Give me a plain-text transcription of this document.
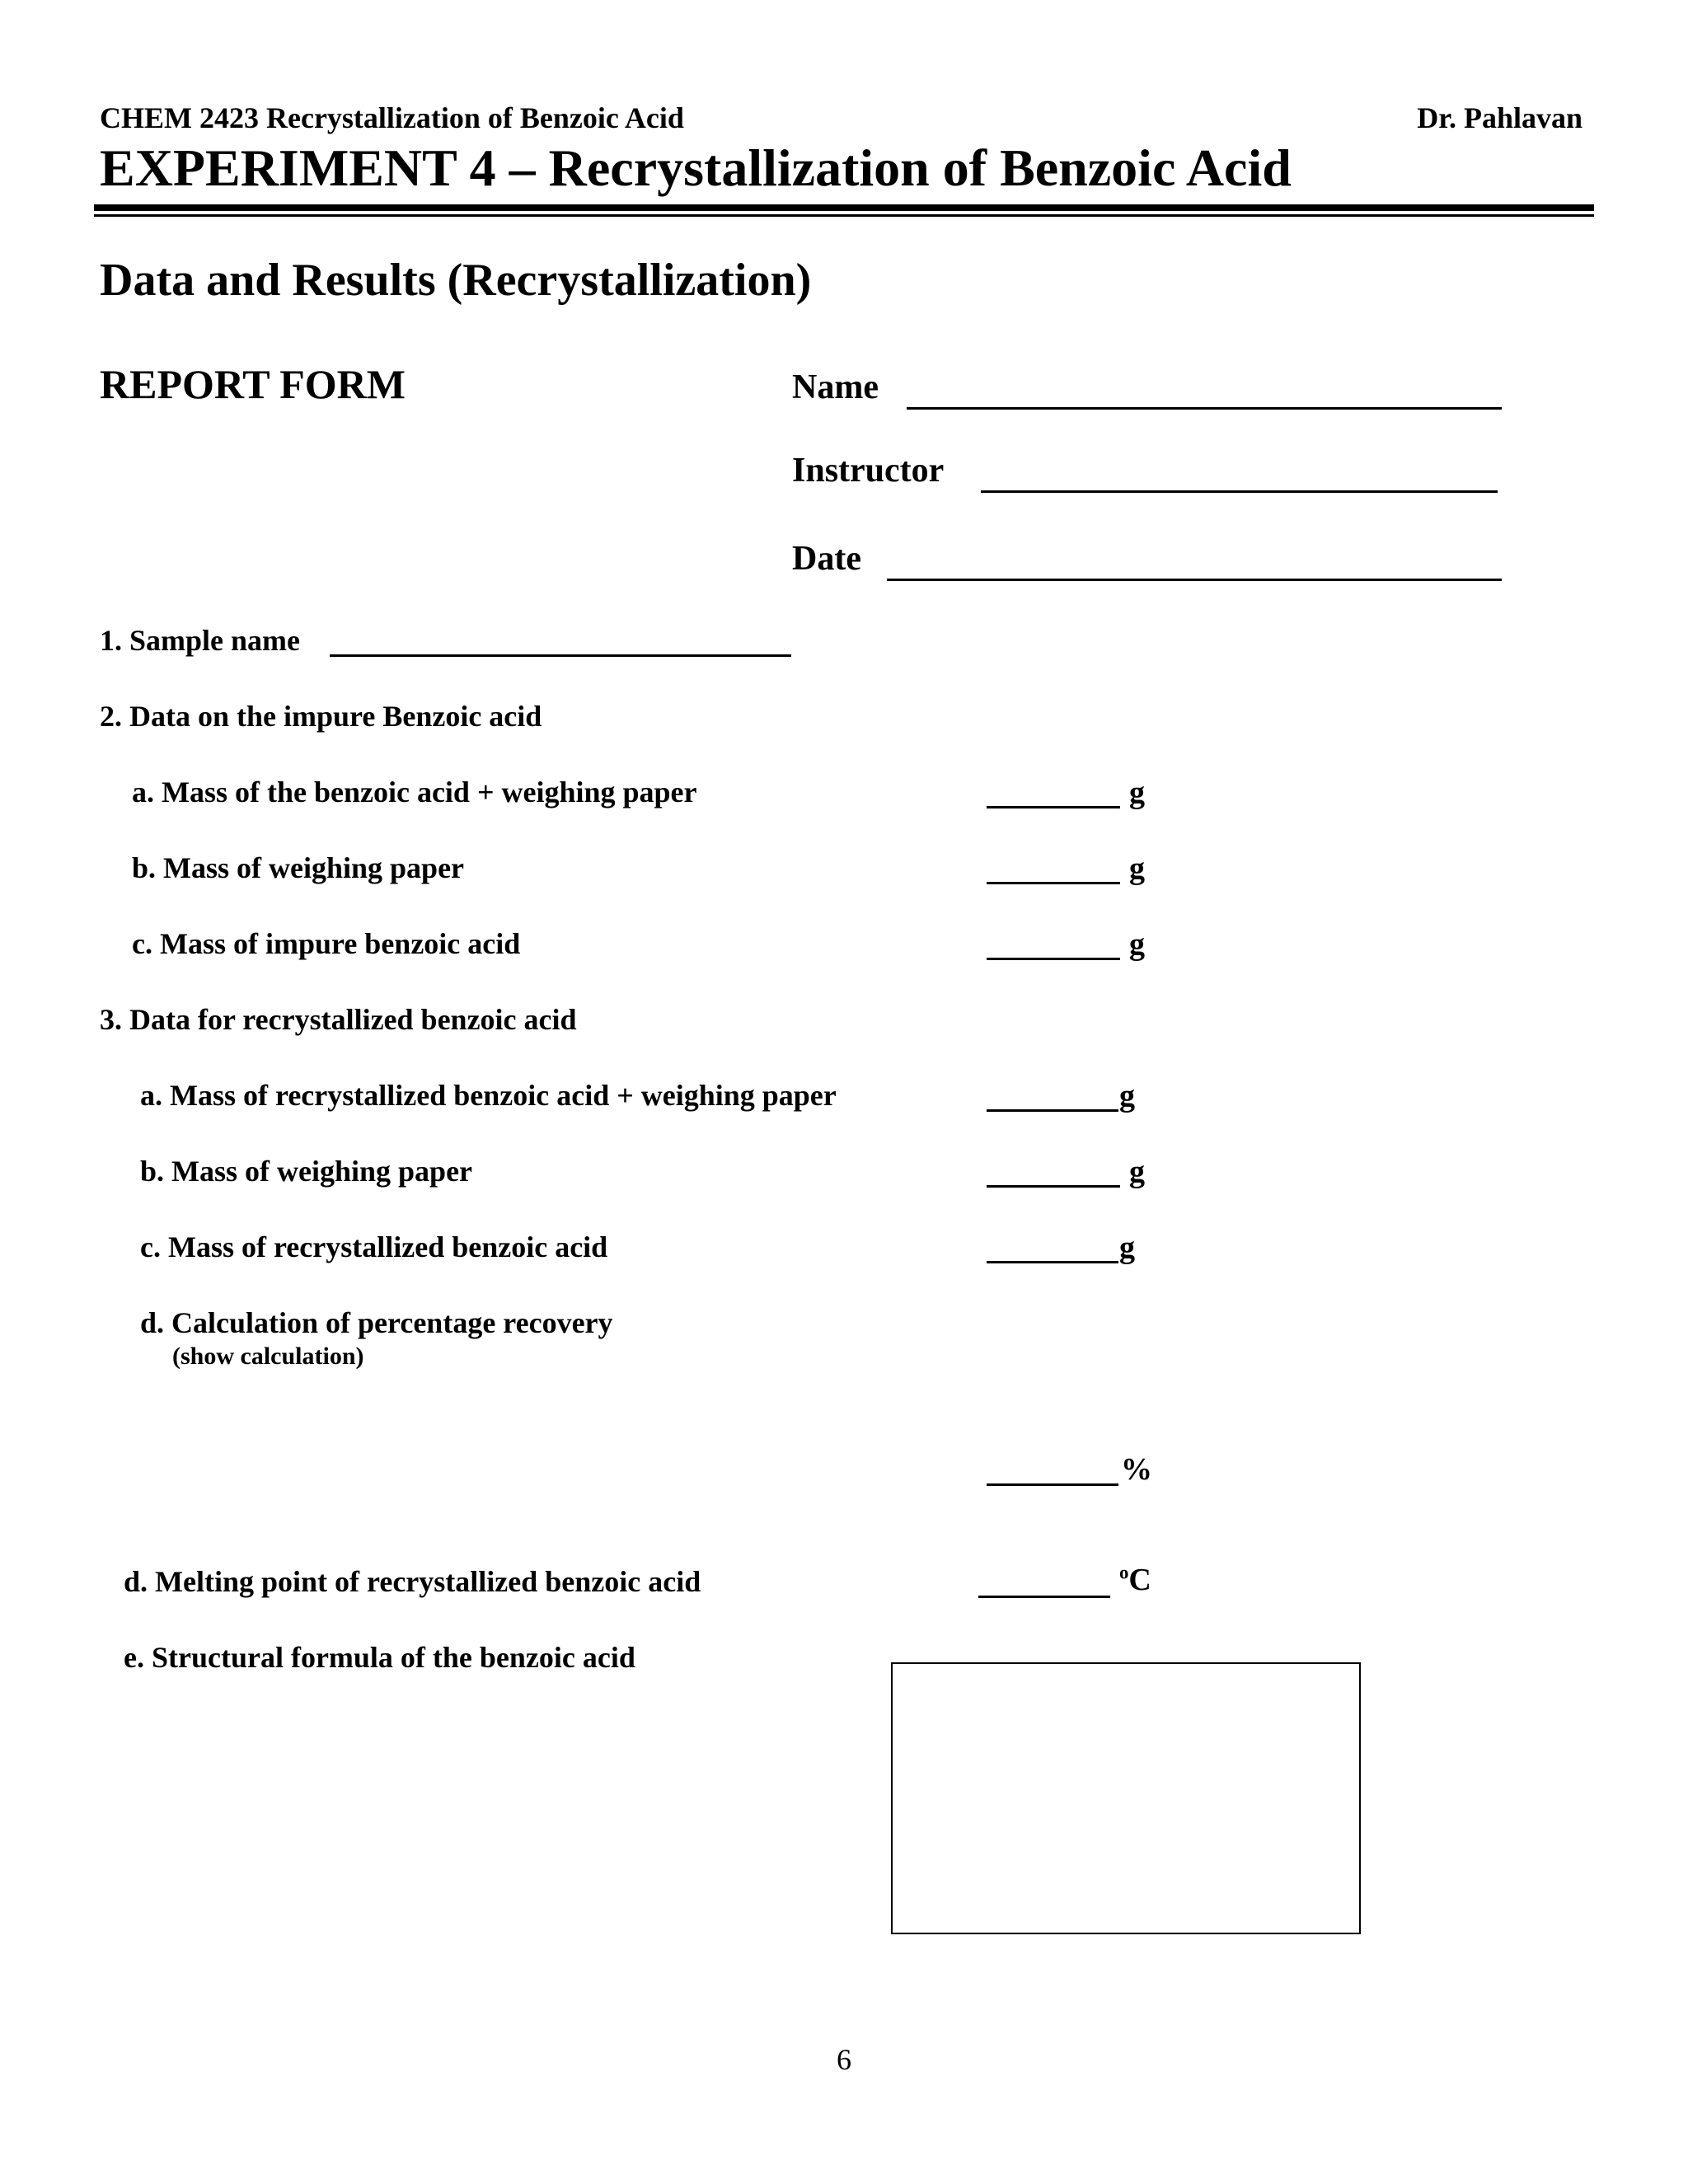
CHEM 2423 Recrystallization of Benzoic Acid	Dr. Pahlavan
EXPERIMENT 4 – Recrystallization of Benzoic Acid
Data and Results (Recrystallization)
REPORT FORM	Name
Instructor
Date
1. Sample name
2. Data on the impure Benzoic acid
a. Mass of the benzoic acid + weighing paper	g
b. Mass of weighing paper	g
c. Mass of impure benzoic acid	g
3. Data for recrystallized benzoic acid
a. Mass of recrystallized benzoic acid + weighing paper	g
b. Mass of weighing paper	g
c. Mass of recrystallized benzoic acid	g
d. Calculation of percentage recovery
(show calculation)
%
d. Melting point of recrystallized benzoic acid	$^o$C
e. Structural formula of the benzoic acid
6
